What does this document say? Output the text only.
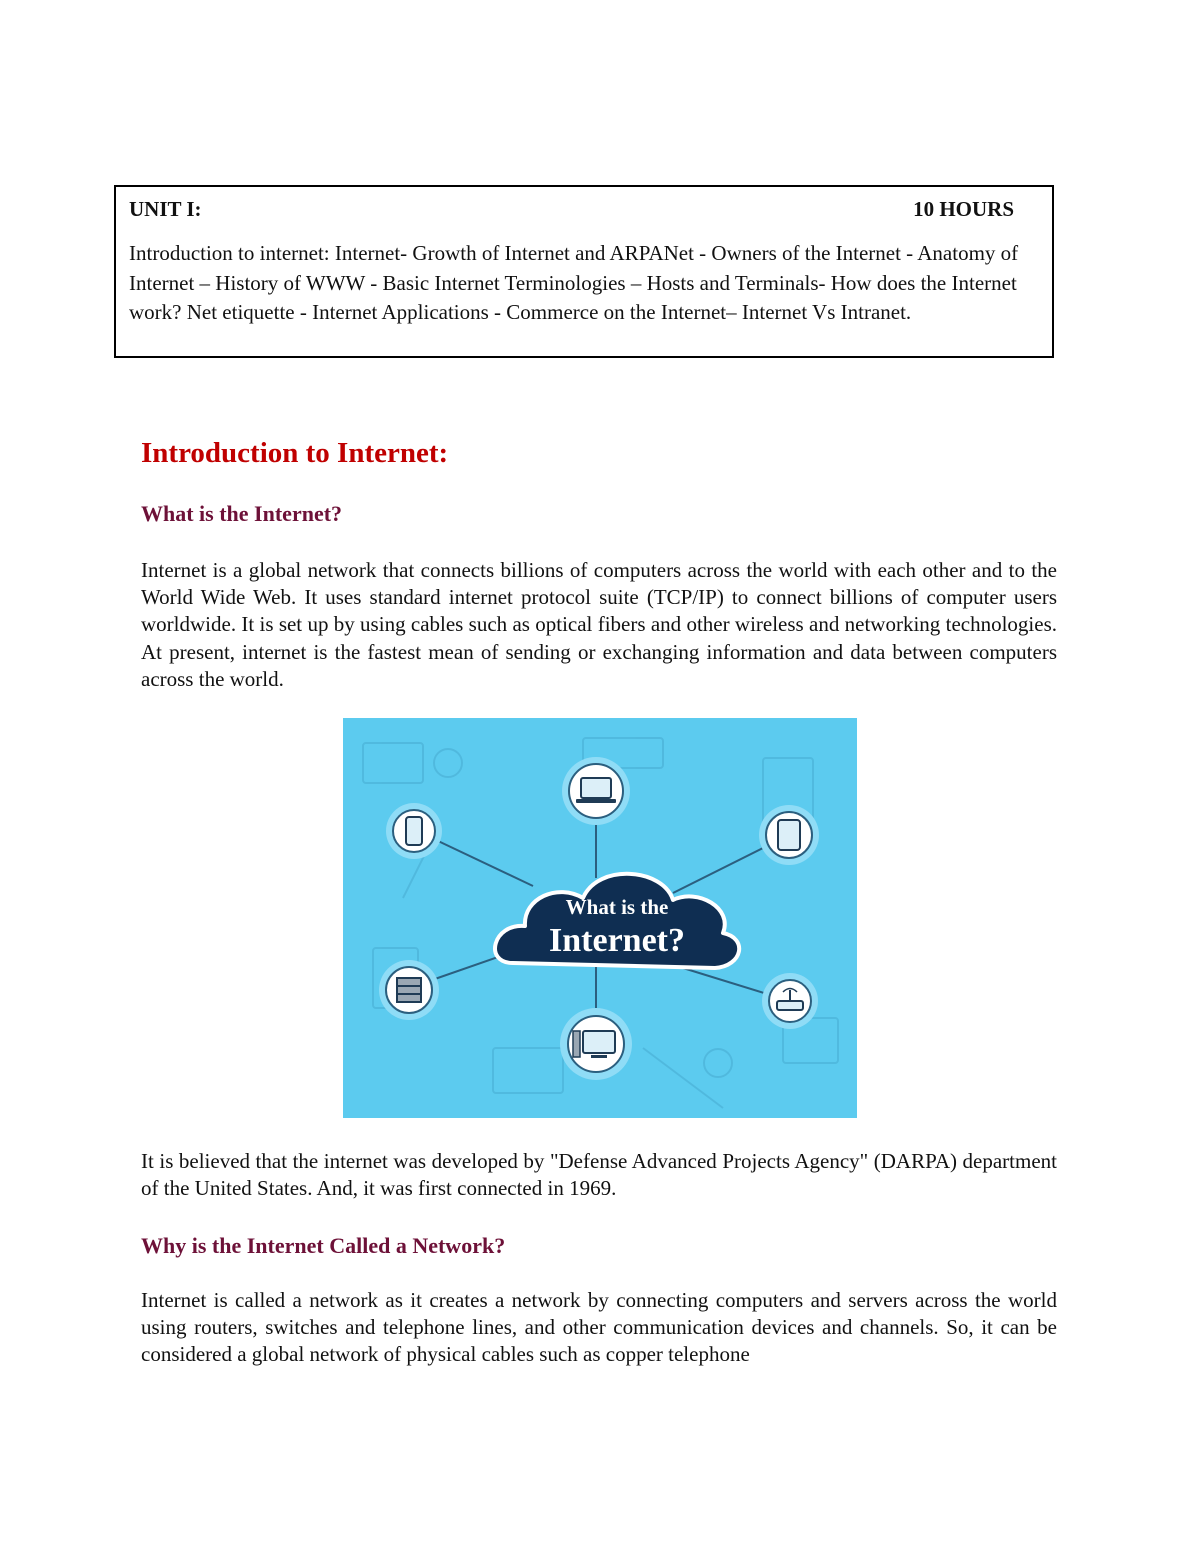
UNIT I:	10 HOURS
Introduction to internet: Internet- Growth of Internet and ARPANet - Owners of the Internet - Anatomy of Internet – History of WWW - Basic Internet Terminologies – Hosts and Terminals- How does the Internet work? Net etiquette - Internet Applications - Commerce on the Internet– Internet Vs Intranet.
Introduction to Internet:
What is the Internet?

Internet is a global network that connects billions of computers across the world with each other and to the World Wide Web. It uses standard internet protocol suite (TCP/IP) to connect billions of computer users worldwide. It is set up by using cables such as optical fibers and other wireless and networking technologies. At present, internet is the fastest mean of sending or exchanging information and data between computers across the world.

What is the
Internet?

It is believed that the internet was developed by "Defense Advanced Projects Agency" (DARPA) department of the United States. And, it was first connected in 1969.

Why is the Internet Called a Network?

Internet is called a network as it creates a network by connecting computers and servers across the world using routers, switches and telephone lines, and other communication devices and channels. So, it can be considered a global network of physical cables such as copper telephone
